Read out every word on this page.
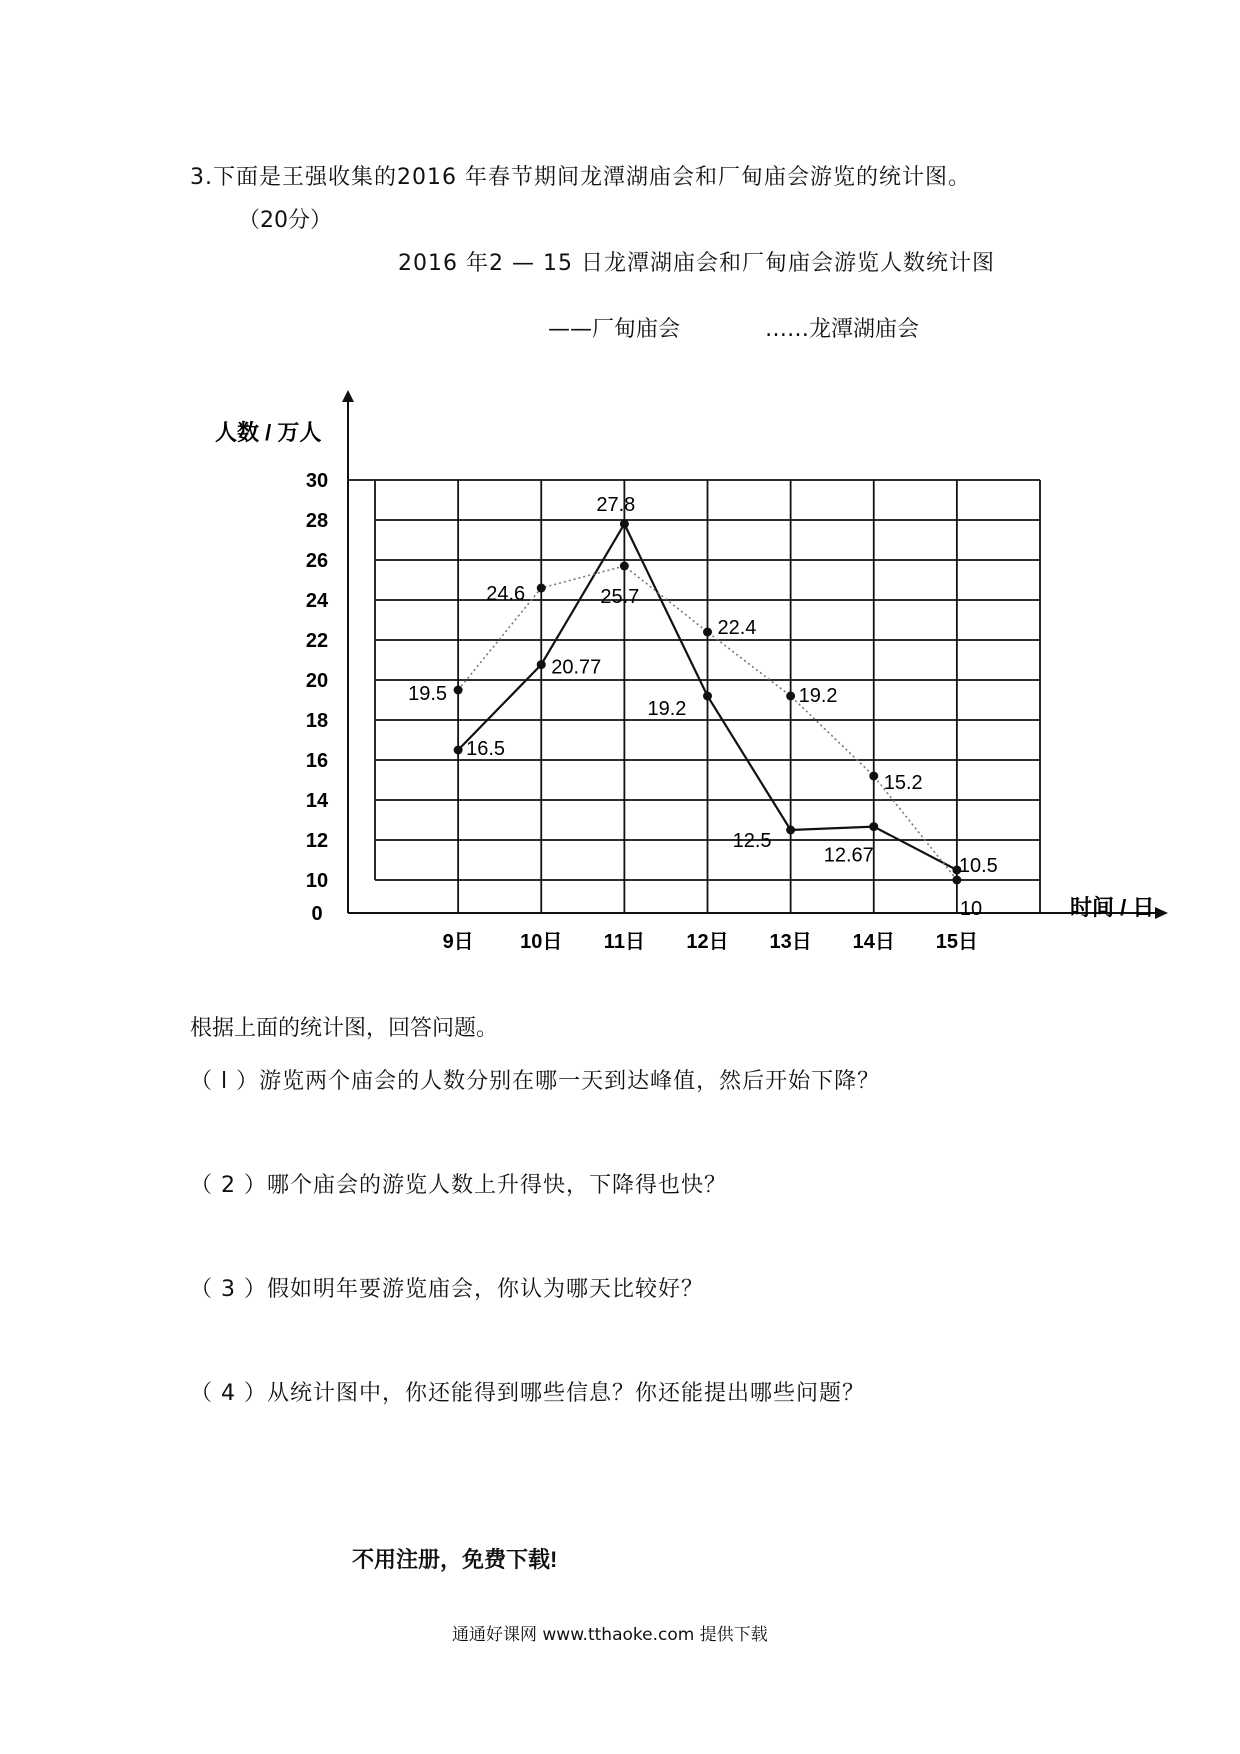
3.下面是王强收集的2016 年春节期间龙潭湖庙会和厂甸庙会游览的统计图。
（20分）
2016 年2 — 15 日龙潭湖庙会和厂甸庙会游览人数统计图
——厂甸庙会	……龙潭湖庙会
人数 / 万人
时间 / 日
0
10
12
14
16
18
20
22
24
26
28
30
9日 10日 11日 12日 13日 14日 15日
16.5
20.77
27.8
19.2
12.5
12.67	10.5
19.5
24.6	25.7
22.4
19.2
15.2
10
根据上面的统计图，回答问题。
（ l ）游览两个庙会的人数分别在哪一天到达峰值，然后开始下降？
（ 2 ）哪个庙会的游览人数上升得快，下降得也快？
（ 3 ）假如明年要游览庙会，你认为哪天比较好？
（ 4 ）从统计图中，你还能得到哪些信息？你还能提出哪些问题？
不用注册，免费下载!
通通好课网 www.tthaoke.com 提供下载
